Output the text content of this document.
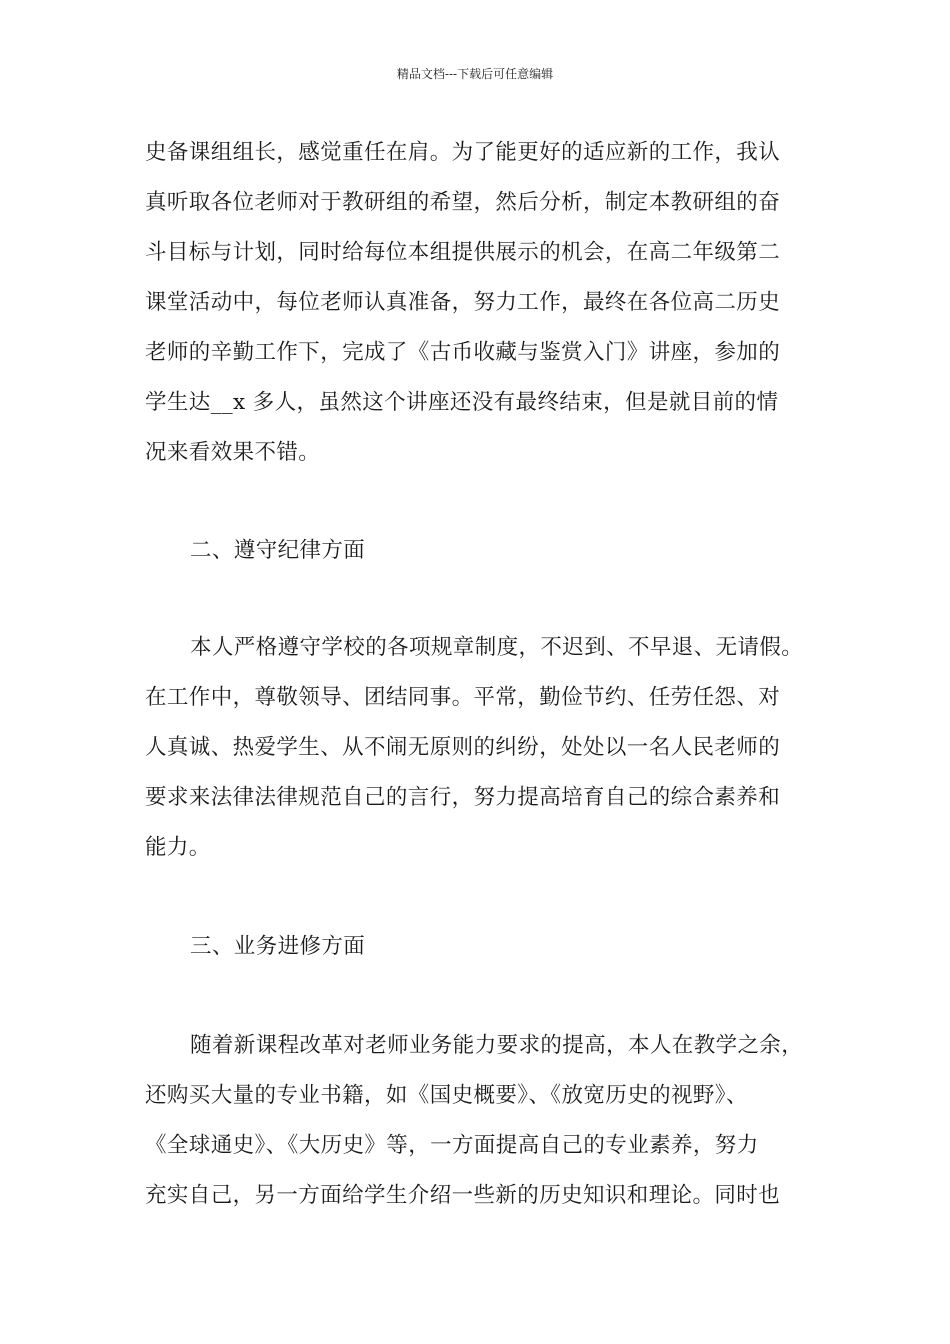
精品文档---下载后可任意编辑
史备课组组长，感觉重任在肩。为了能更好的适应新的工作，我认
真听取各位老师对于教研组的希望，然后分析，制定本教研组的奋
斗目标与计划，同时给每位本组提供展示的机会，在高二年级第二
课堂活动中，每位老师认真准备，努力工作，最终在各位高二历史
老师的辛勤工作下，完成了《古币收藏与鉴赏入门》讲座，参加的
学生达__x 多人，虽然这个讲座还没有最终结束，但是就目前的情
况来看效果不错。
二、遵守纪律方面
本人严格遵守学校的各项规章制度，不迟到、不早退、无请假。
在工作中，尊敬领导、团结同事。平常，勤俭节约、任劳任怨、对
人真诚、热爱学生、从不闹无原则的纠纷，处处以一名人民老师的
要求来法律法律规范自己的言行，努力提高培育自己的综合素养和
能力。
三、业务进修方面
随着新课程改革对老师业务能力要求的提高，本人在教学之余，
还购买大量的专业书籍，如《国史概要》、《放宽历史的视野》、
《全球通史》、《大历史》等，一方面提高自己的专业素养，努力
充实自己，另一方面给学生介绍一些新的历史知识和理论。同时也
